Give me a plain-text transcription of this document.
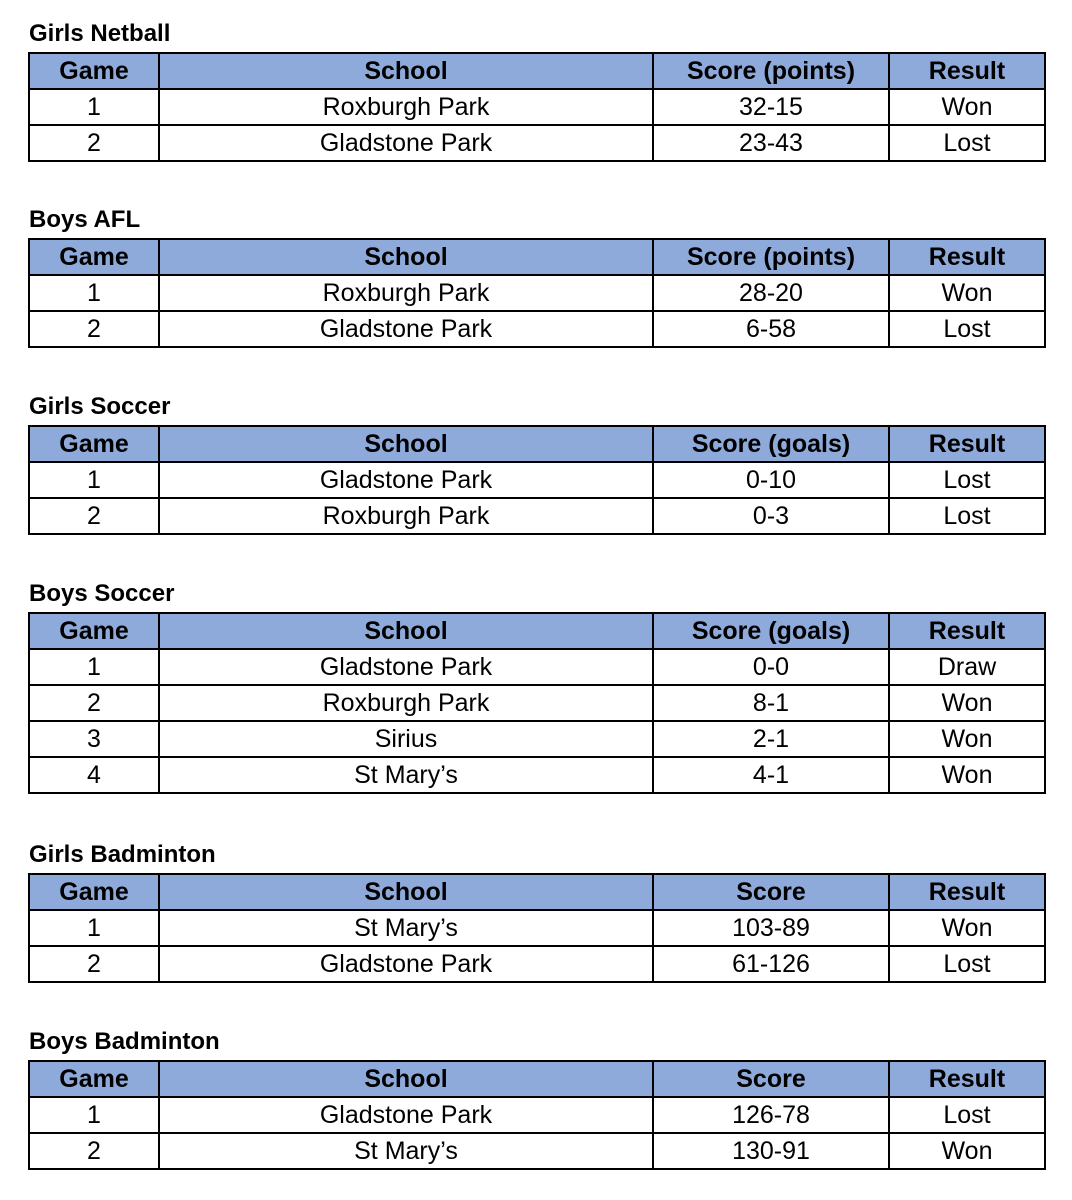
Girls Netball
Game	School	Score (points)	Result
1	Roxburgh Park	32-15	Won
2	Gladstone Park	23-43	Lost
Boys AFL
Game	School	Score (points)	Result
1	Roxburgh Park	28-20	Won
2	Gladstone Park	6-58	Lost
Girls Soccer
Game	School	Score (goals)	Result
1	Gladstone Park	0-10	Lost
2	Roxburgh Park	0-3	Lost
Boys Soccer
Game	School	Score (goals)	Result
1	Gladstone Park	0-0	Draw
2	Roxburgh Park	8-1	Won
3	Sirius	2-1	Won
4	St Mary’s	4-1	Won
Girls Badminton
Game	School	Score	Result
1	St Mary’s	103-89	Won
2	Gladstone Park	61-126	Lost
Boys Badminton
Game	School	Score	Result
1	Gladstone Park	126-78	Lost
2	St Mary’s	130-91	Won
